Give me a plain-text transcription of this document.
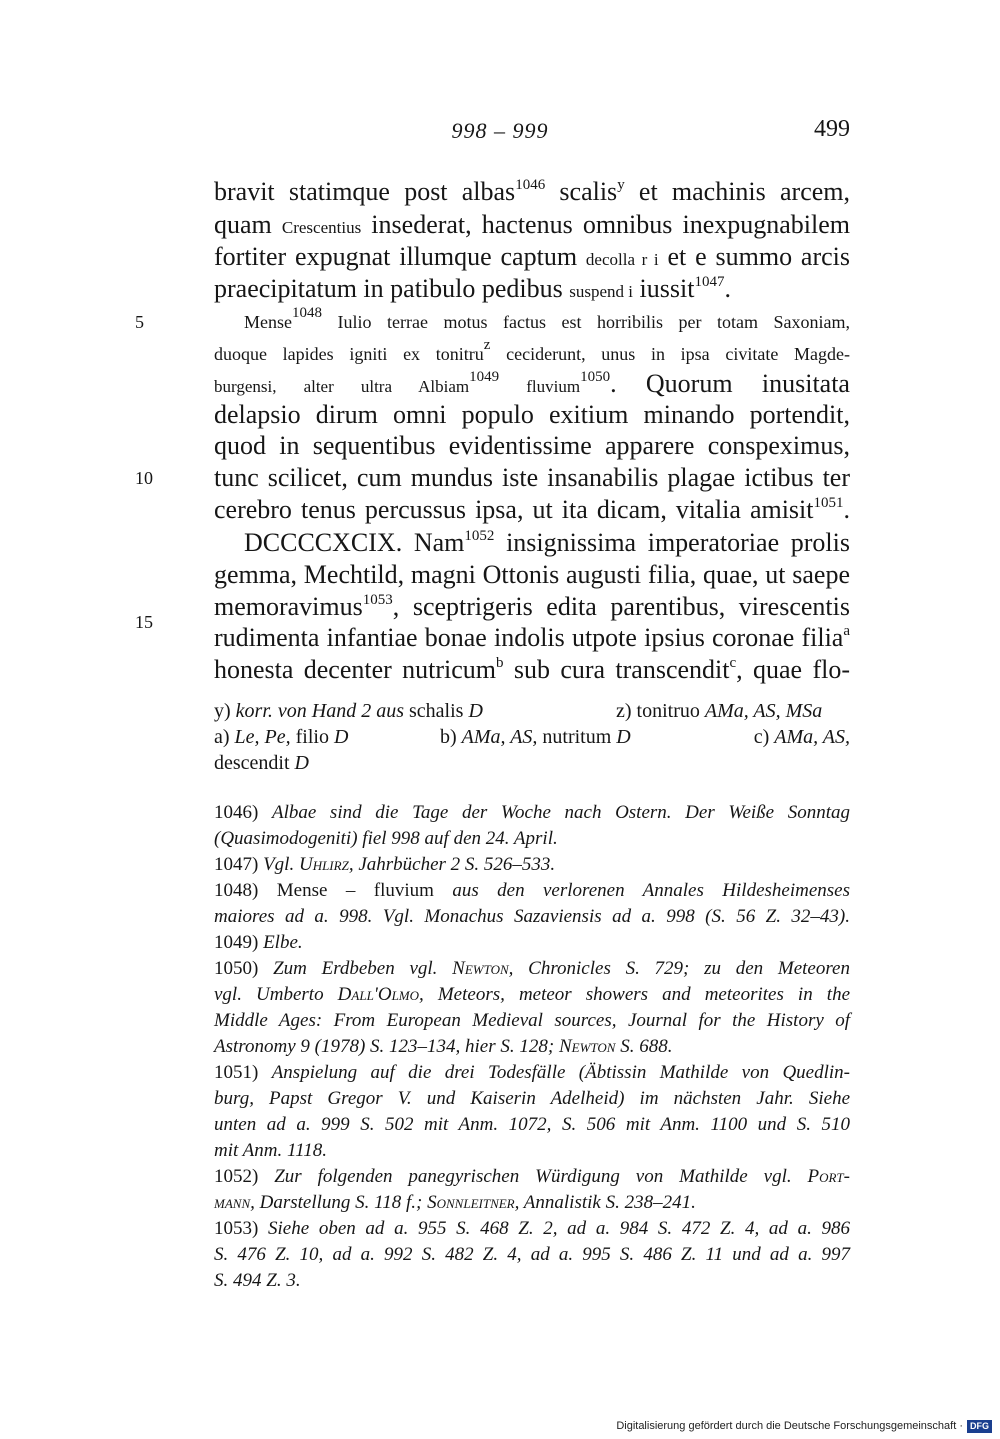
998 – 999	499
5
10
15
bravit statimque post albas$^{1046}$ scalis$^y$ et machinis arcem,
quam Crescentius insederat, hactenus omnibus inexpugnabilem
fortiter expugnat illumque captum decolla r i et e summo arcis
praecipitatum in patibulo pedibus suspend i iussit$^{1047}$.
Mense$^{1048}$ Iulio terrae motus factus est horribilis per totam Saxoniam,
duoque lapides igniti ex tonitru$^z$ ceciderunt, unus in ipsa civitate Magde-
burgensi, alter ultra Albiam$^{1049}$ fluvium$^{1050}$. Quorum inusitata
delapsio dirum omni populo exitium minando portendit,
quod in sequentibus evidentissime apparere conspeximus,
tunc scilicet, cum mundus iste insanabilis plagae ictibus ter
cerebro tenus percussus ipsa, ut ita dicam, vitalia amisit$^{1051}$.
DCCCCXCIX. Nam$^{1052}$ insignissima imperatoriae prolis
gemma, Mechtild, magni Ottonis augusti filia, quae, ut saepe
memoravimus$^{1053}$, sceptrigeris edita parentibus, virescentis
rudimenta infantiae bonae indolis utpote ipsius coronae filia$^a$
honesta decenter nutricum$^b$ sub cura transcendit$^c$, quae flo-
y) korr. von Hand 2 aus schalis D	z) tonitruo AMa, AS, MSa
a) Le, Pe, filio D	b) AMa, AS, nutritum D	c) AMa, AS,
descendit D
1046) Albae sind die Tage der Woche nach Ostern. Der Weiße Sonntag
(Quasimodogeniti) fiel 998 auf den 24. April.
1047) Vgl. Uhlirz, Jahrbücher 2 S. 526–533.
1048) Mense – fluvium aus den verlorenen Annales Hildesheimenses
maiores ad a. 998. Vgl. Monachus Sazaviensis ad a. 998 (S. 56 Z. 32–43).
1049) Elbe.
1050) Zum Erdbeben vgl. Newton, Chronicles S. 729; zu den Meteoren
vgl. Umberto Dall'Olmo, Meteors, meteor showers and meteorites in the
Middle Ages: From European Medieval sources, Journal for the History of
Astronomy 9 (1978) S. 123–134, hier S. 128; Newton S. 688.
1051) Anspielung auf die drei Todesfälle (Äbtissin Mathilde von Quedlin-
burg, Papst Gregor V. und Kaiserin Adelheid) im nächsten Jahr. Siehe
unten ad a. 999 S. 502 mit Anm. 1072, S. 506 mit Anm. 1100 und S. 510
mit Anm. 1118.
1052) Zur folgenden panegyrischen Würdigung von Mathilde vgl. Port-
mann, Darstellung S. 118 f.; Sonnleitner, Annalistik S. 238–241.
1053) Siehe oben ad a. 955 S. 468 Z. 2, ad a. 984 S. 472 Z. 4, ad a. 986
S. 476 Z. 10, ad a. 992 S. 482 Z. 4, ad a. 995 S. 486 Z. 11 und ad a. 997
S. 494 Z. 3.
Digitalisierung gefördert durch die Deutsche Forschungsgemeinschaft · DFG
